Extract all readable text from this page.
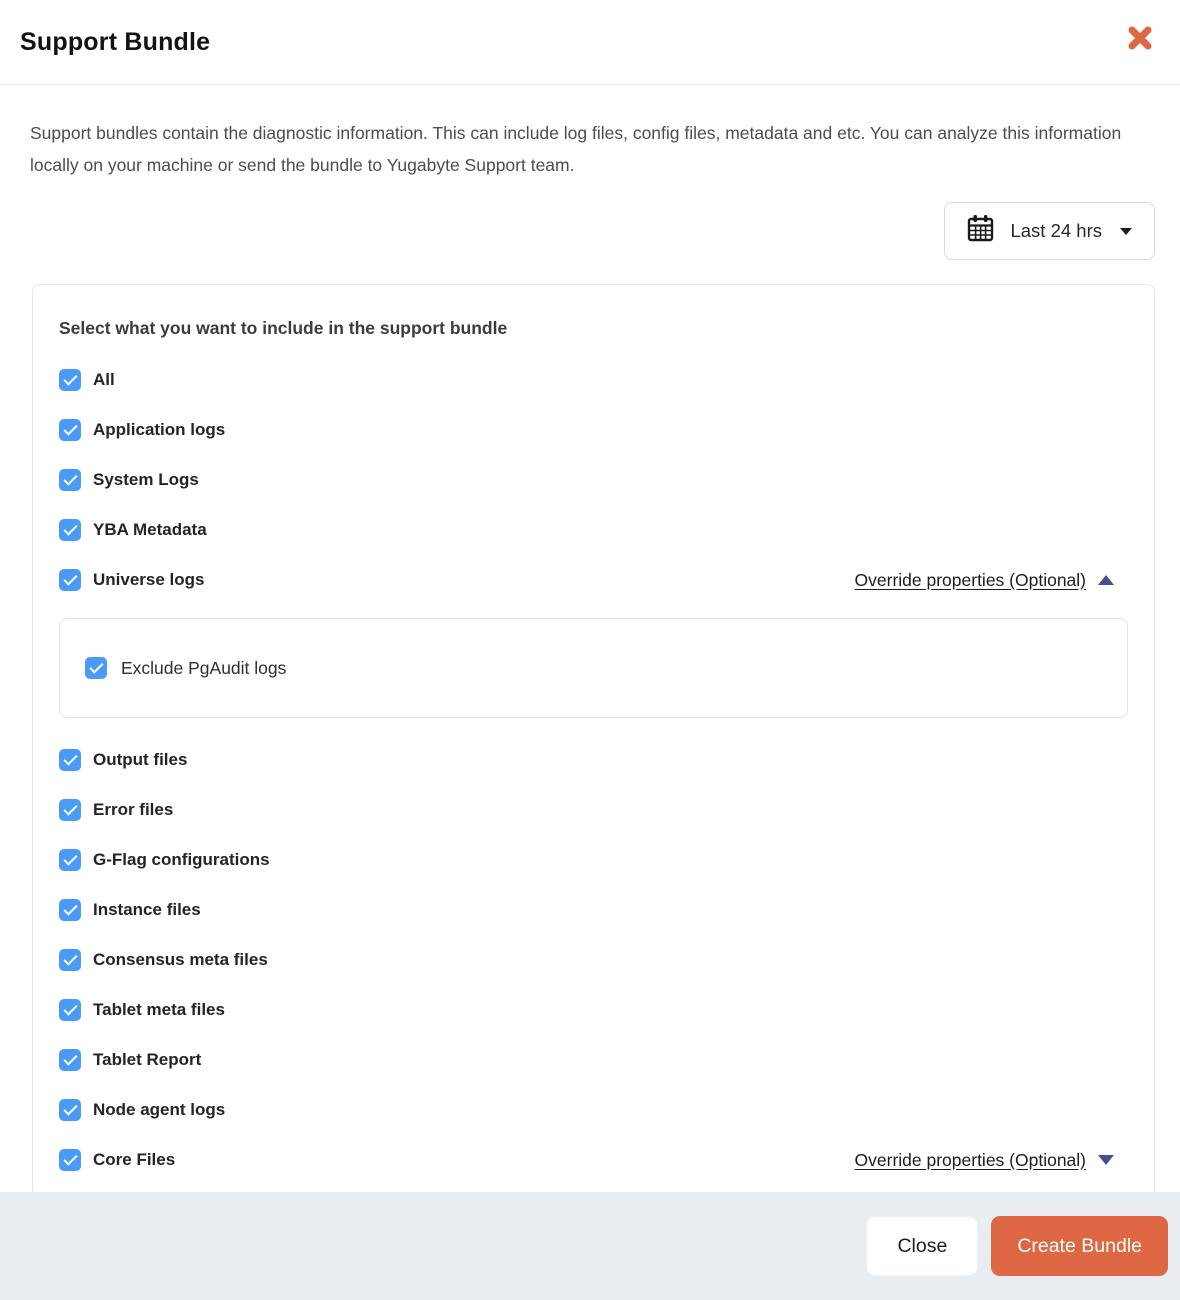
Support Bundle

Support bundles contain the diagnostic information. This can include log files, config files, metadata and etc. You can analyze this information locally on your machine or send the bundle to Yugabyte Support team.

Last 24 hrs
Select what you want to include in the support bundle
All
Application logs
System Logs
YBA Metadata
Universe logs	Override properties (Optional)
Exclude PgAudit logs
Output files
Error files
G-Flag configurations
Instance files
Consensus meta files
Tablet meta files
Tablet Report
Node agent logs
Core Files	Override properties (Optional)
Close	Create Bundle
